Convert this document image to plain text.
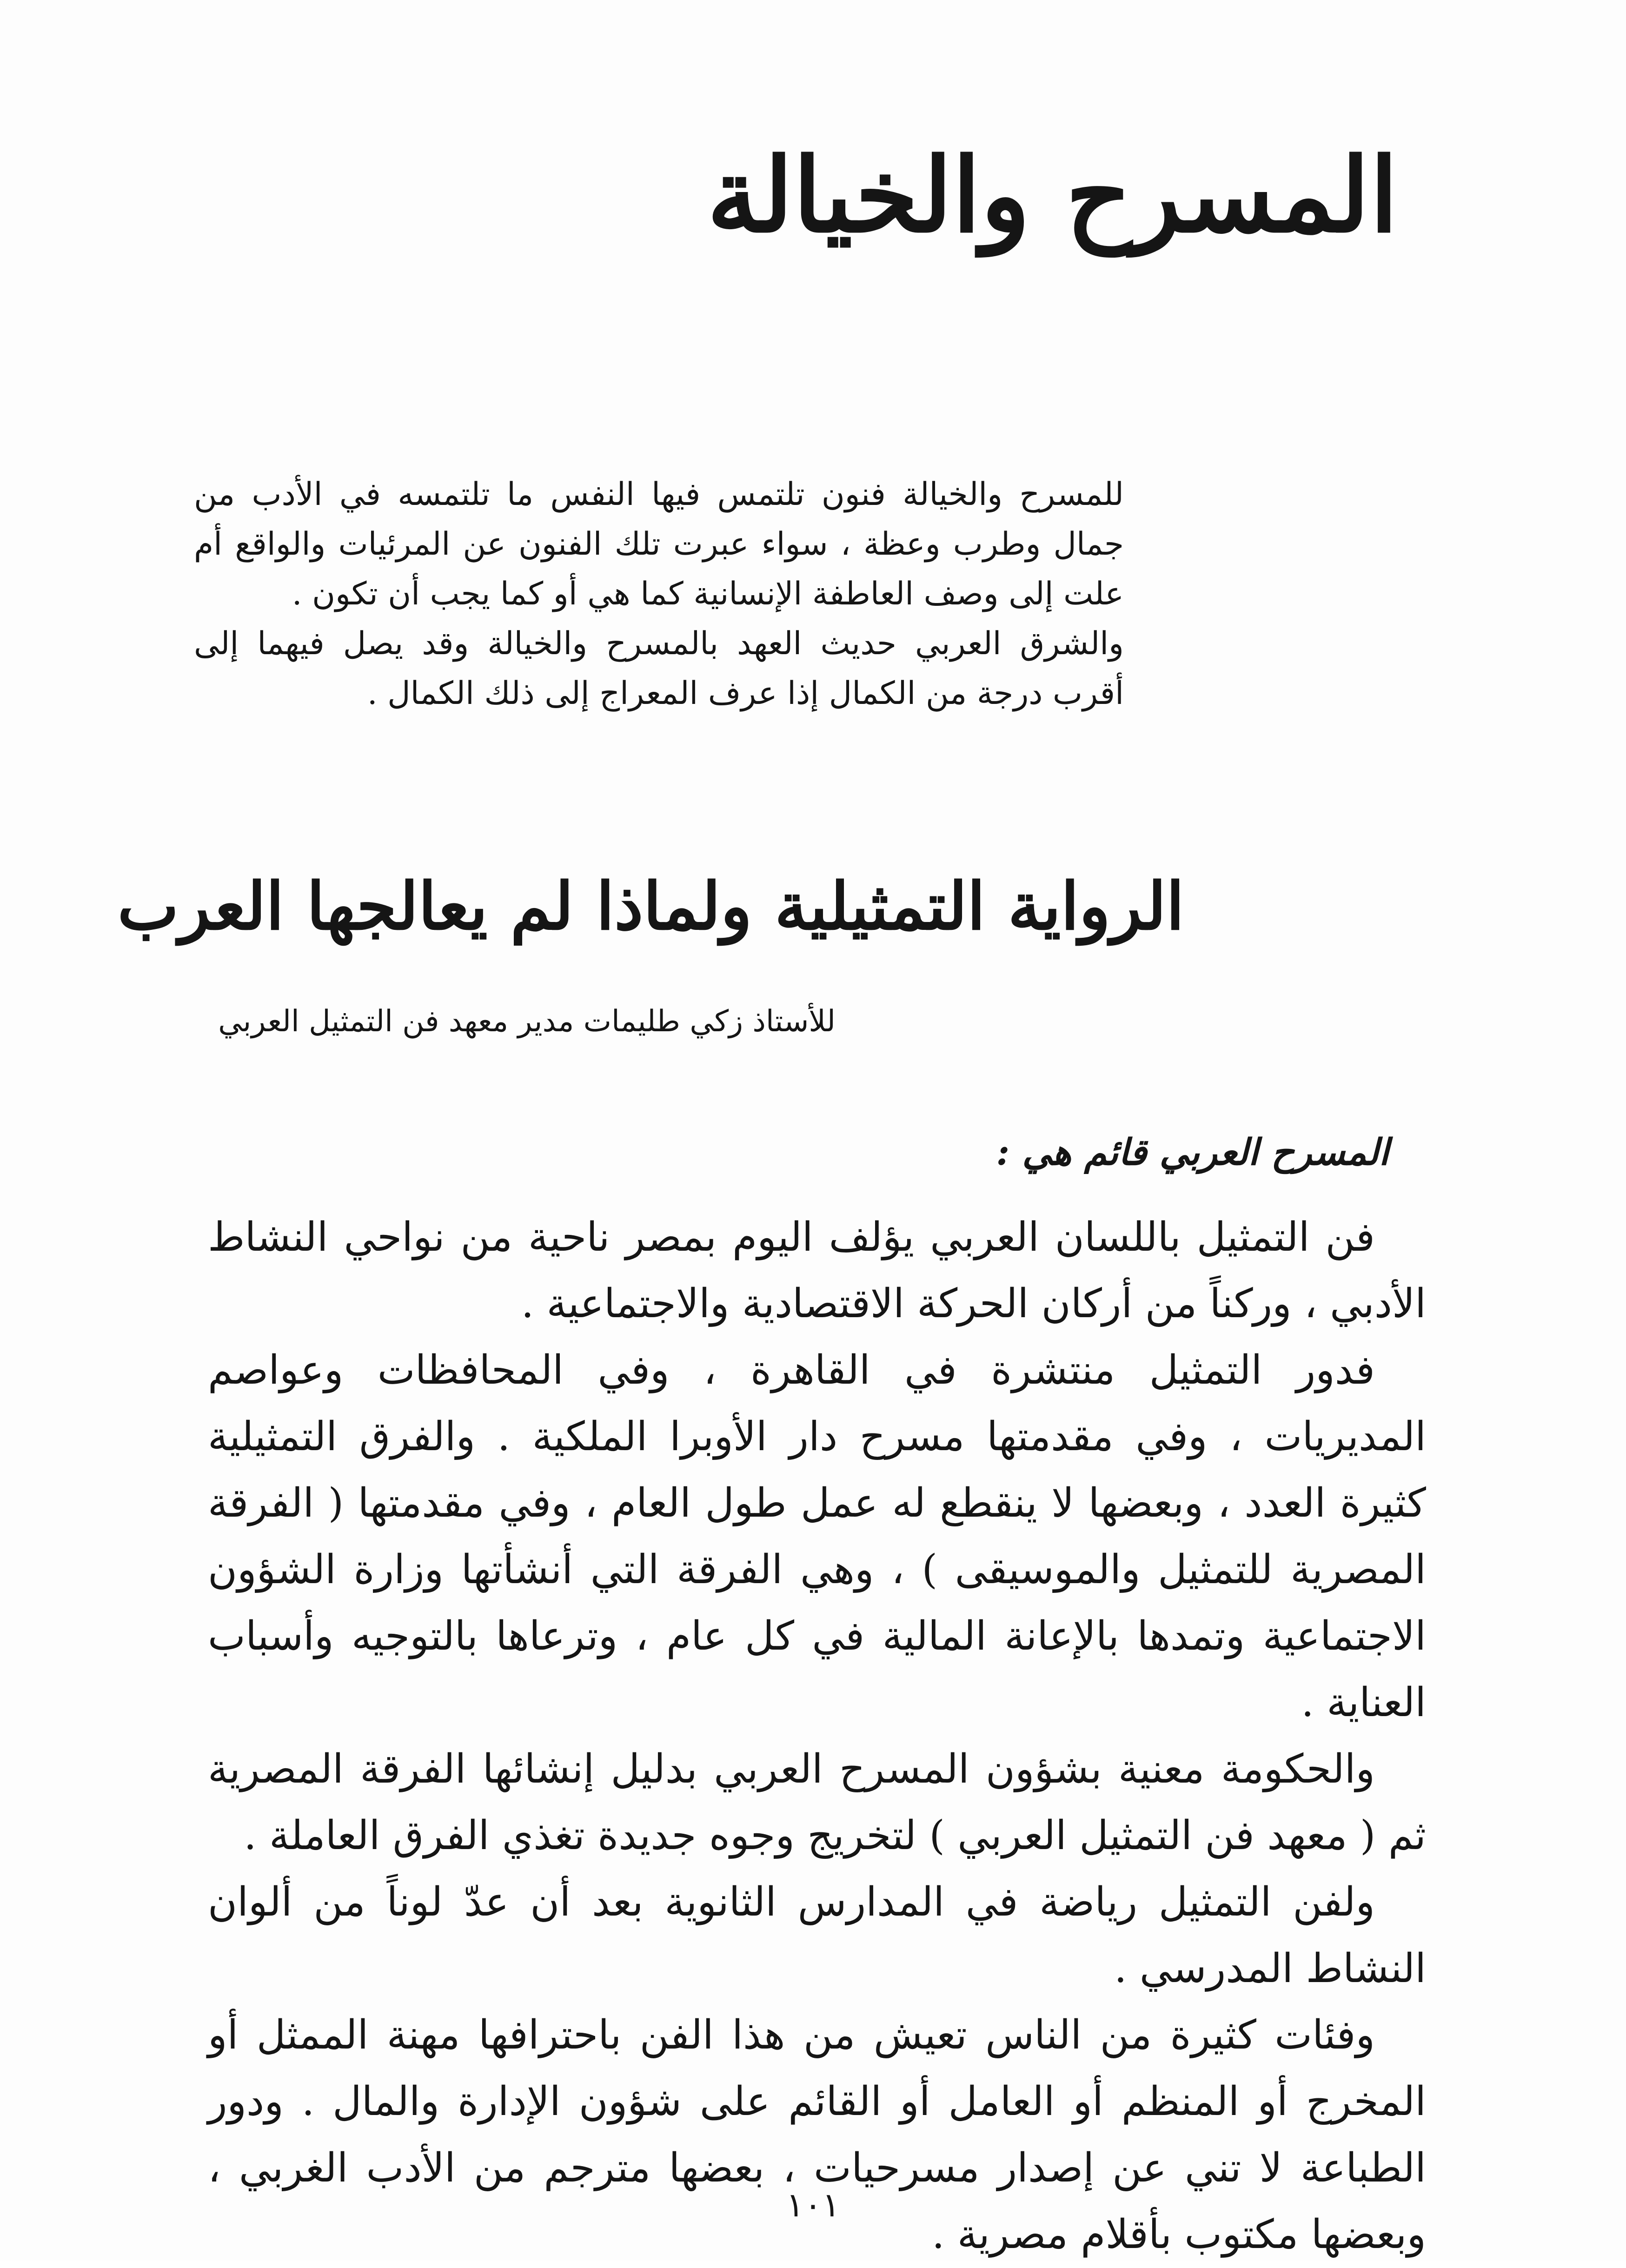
المسرح والخيالة

للمسرح والخيالة فنون تلتمس فيها النفس ما تلتمسه في الأدب من جمال وطرب وعظة ، سواء عبرت تلك الفنون عن المرئيات والواقع أم علت إلى وصف العاطفة الإنسانية كما هي أو كما يجب أن تكون .

والشرق العربي حديث العهد بالمسرح والخيالة وقد يصل فيهما إلى أقرب درجة من الكمال إذا عرف المعراج إلى ذلك الكمال .

الرواية التمثيلية ولماذا لم يعالجها العرب

للأستاذ زكي طليمات مدير معهد فن التمثيل العربي

المسرح العربي قائم هي :

فن التمثيل باللسان العربي يؤلف اليوم بمصر ناحية من نواحي النشاط الأدبي ، وركناً من أركان الحركة الاقتصادية والاجتماعية .

فدور التمثيل منتشرة في القاهرة ، وفي المحافظات وعواصم المديريات ، وفي مقدمتها مسرح دار الأوبرا الملكية . والفرق التمثيلية كثيرة العدد ، وبعضها لا ينقطع له عمل طول العام ، وفي مقدمتها ( الفرقة المصرية للتمثيل والموسيقى ) ، وهي الفرقة التي أنشأتها وزارة الشؤون الاجتماعية وتمدها بالإعانة المالية في كل عام ، وترعاها بالتوجيه وأسباب العناية .

والحكومة معنية بشؤون المسرح العربي بدليل إنشائها الفرقة المصرية ثم ( معهد فن التمثيل العربي ) لتخريج وجوه جديدة تغذي الفرق العاملة .

ولفن التمثيل رياضة في المدارس الثانوية بعد أن عدّ لوناً من ألوان النشاط المدرسي .

وفئات كثيرة من الناس تعيش من هذا الفن باحترافها مهنة الممثل أو المخرج أو المنظم أو العامل أو القائم على شؤون الإدارة والمال . ودور الطباعة لا تني عن إصدار مسرحيات ، بعضها مترجم من الأدب الغربي ، وبعضها مكتوب بأقلام مصرية .

١٠١
